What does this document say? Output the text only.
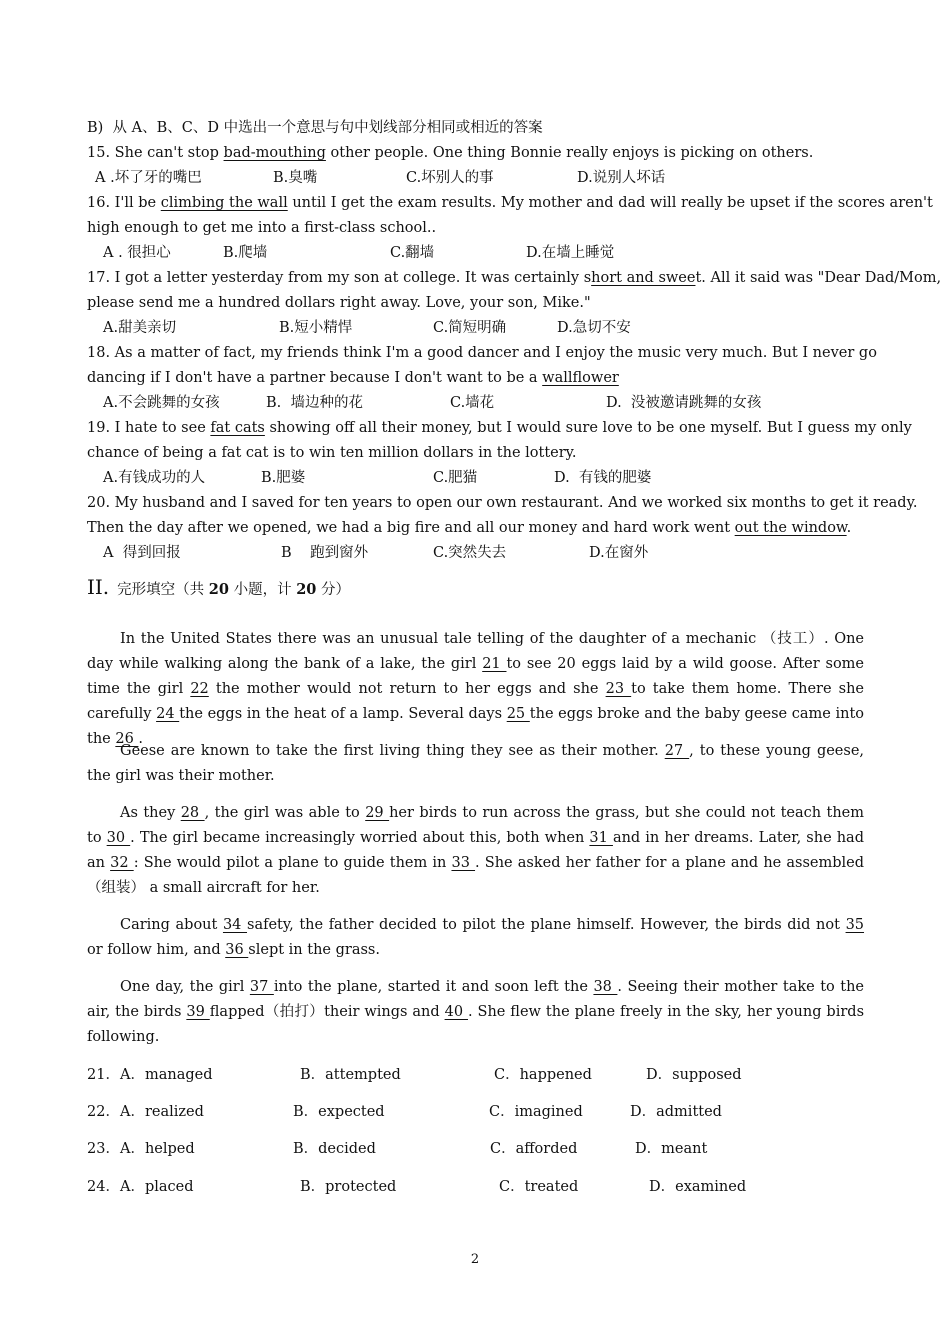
B)  从 A、B、C、D 中选出一个意思与句中划线部分相同或相近的答案
15. She can't stop bad-mouthing other people. One thing Bonnie really enjoys is picking on others.
A .坏了牙的嘴巴	B.臭嘴	C.坏别人的事	D.说别人坏话
16. I'll be climbing the wall until I get the exam results. My mother and dad will really be upset if the scores aren't
high enough to get me into a first-class school..
A . 很担心	B.爬墙	C.翻墙	D.在墙上睡觉
17. I got a letter yesterday from my son at college. It was certainly short and sweet. All it said was "Dear Dad/Mom,
please send me a hundred dollars right away. Love, your son, Mike."
A.甜美亲切	B.短小精悍	C.简短明确	D.急切不安
18. As a matter of fact, my friends think I'm a good dancer and I enjoy the music very much. But I never go
dancing if I don't have a partner because I don't want to be a wallflower
A.不会跳舞的女孩	B.  墙边种的花	C.墙花	D.  没被邀请跳舞的女孩
19. I hate to see fat cats showing off all their money, but I would sure love to be one myself. But I guess my only
chance of being a fat cat is to win ten million dollars in the lottery.
A.有钱成功的人	B.肥婆	C.肥猫	D.  有钱的肥婆
20. My husband and I saved for ten years to open our own restaurant. And we worked six months to get it ready.
Then the day after we opened, we had a big fire and all our money and hard work went out the window.
A  得到回报	B    跑到窗外	C.突然失去	D.在窗外
II. 完形填空（共 20 小题，计 20 分）
In the United States there was an unusual tale telling of the daughter of a mechanic （技工）. One day while walking along the bank of a lake, the girl 21 to see 20 eggs laid by a wild goose. After some time the girl 22 the mother would not return to her eggs and she 23 to take them home. There she carefully 24 the eggs in the heat of a lamp. Several days 25 the eggs broke and the baby geese came into the 26 .
Geese are known to take the first living thing they see as their mother. 27 , to these young geese, the girl was their mother.
As they 28 , the girl was able to 29 her birds to run across the grass, but she could not teach them to 30 . The girl became increasingly worried about this, both when 31 and in her dreams. Later, she had an 32 : She would pilot a plane to guide them in 33 . She asked her father for a plane and he assembled（组装） a small aircraft for her.
Caring about 34 safety, the father decided to pilot the plane himself. However, the birds did not 35 or follow him, and 36 slept in the grass.
One day, the girl 37 into the plane, started it and soon left the 38 . Seeing their mother take to the air, the birds 39 flapped（拍打）their wings and 40 . She flew the plane freely in the sky, her young birds following.
21． A．managed	B．attempted	C．happened	D．supposed
22． A．realized	B．expected	C．imagined	D．admitted
23． A．helped	B．decided	C．afforded	D．meant
24． A．placed	B．protected	C．treated	D．examined
2
